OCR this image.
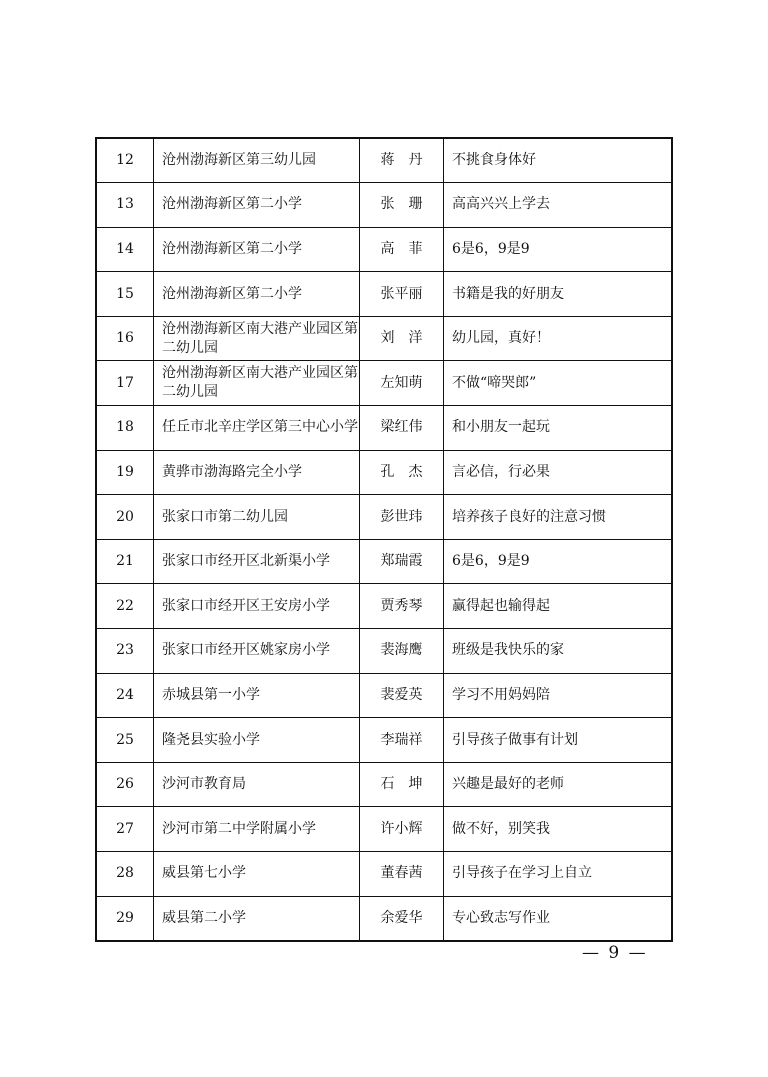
12	沧州渤海新区第三幼儿园	蒋　丹	不挑食身体好
13	沧州渤海新区第二小学	张　珊	高高兴兴上学去
14	沧州渤海新区第二小学	高　菲	6是6，9是9
15	沧州渤海新区第二小学	张平丽	书籍是我的好朋友
16	沧州渤海新区南大港产业园区第二幼儿园	刘　洋	幼儿园，真好！
17	沧州渤海新区南大港产业园区第二幼儿园	左知萌	不做“啼哭郎”
18	任丘市北辛庄学区第三中心小学	梁红伟	和小朋友一起玩
19	黄骅市渤海路完全小学	孔　杰	言必信，行必果
20	张家口市第二幼儿园	彭世玮	培养孩子良好的注意习惯
21	张家口市经开区北新渠小学	郑瑞霞	6是6，9是9
22	张家口市经开区王安房小学	贾秀琴	赢得起也输得起
23	张家口市经开区姚家房小学	裴海鹰	班级是我快乐的家
24	赤城县第一小学	裴爱英	学习不用妈妈陪
25	隆尧县实验小学	李瑞祥	引导孩子做事有计划
26	沙河市教育局	石　坤	兴趣是最好的老师
27	沙河市第二中学附属小学	许小辉	做不好，别笑我
28	威县第七小学	董春茜	引导孩子在学习上自立
29	威县第二小学	余爱华	专心致志写作业
— 9 —
